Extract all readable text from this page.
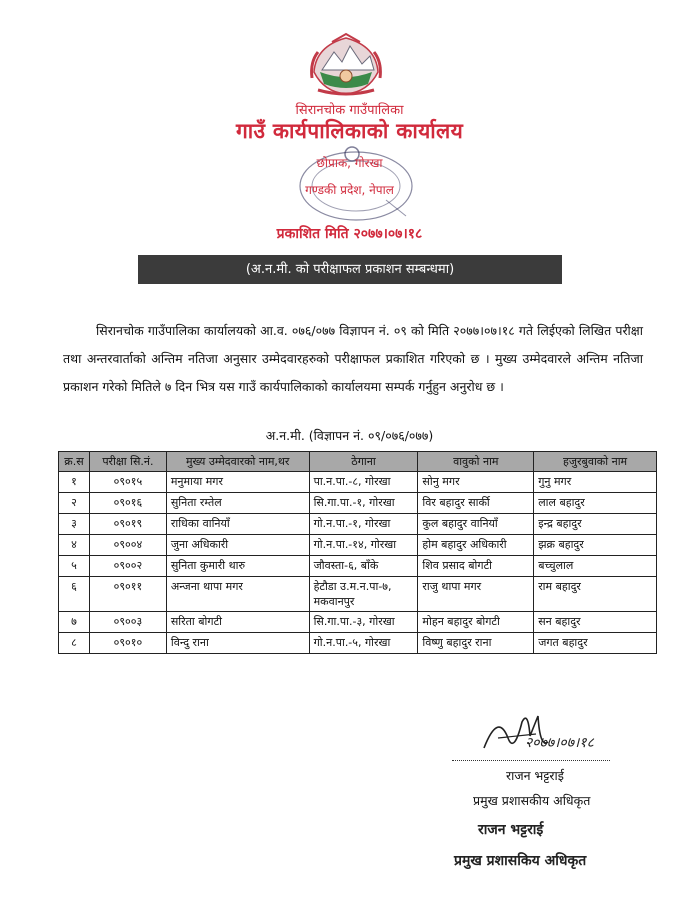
सिरानचोक गाउँपालिका
गाउँ कार्यपालिकाको कार्यालय
छोप्राक, गोरखा
गण्डकी प्रदेश, नेपाल
प्रकाशित मिति २०७७।०७।१८
(अ.न.मी. को परीक्षाफल प्रकाशन सम्बन्धमा)

सिरानचोक गाउँपालिका कार्यालयको आ.व. ०७६/०७७ विज्ञापन नं. ०९ को मिति २०७७।०७।१८ गते लिईएको लिखित परीक्षा तथा अन्तरवार्ताको अन्तिम नतिजा अनुसार उम्मेदवारहरुको परीक्षाफल प्रकाशित गरिएको छ । मुख्य उम्मेदवारले अन्तिम नतिजा प्रकाशन गरेको मितिले ७ दिन भित्र यस गाउँ कार्यपालिकाको कार्यालयमा सम्पर्क गर्नुहुन अनुरोध छ ।

अ.न.मी. (विज्ञापन नं. ०९/०७६/०७७)
क्र.स	परीक्षा सि.नं.	मुख्य उम्मेदवारको नाम,थर	ठेगाना	वावुको नाम	हजुरबुवाको नाम
१	०९०१५	मनुमाया मगर	पा.न.पा.-८, गोरखा	सोनु मगर	गुनु मगर
२	०९०१६	सुनिता रम्तेल	सि.गा.पा.-१, गोरखा	विर बहादुर सार्की	लाल बहादुर
३	०९०१९	राधिका वानियाँ	गो.न.पा.-१, गोरखा	कुल बहादुर वानियाँ	इन्द्र बहादुर
४	०९००४	जुना अधिकारी	गो.न.पा.-१४, गोरखा	होम बहादुर अधिकारी	झक्र बहादुर
५	०९००२	सुनिता कुमारी थारु	जौवस्ता-६, बाँके	शिव प्रसाद बोगटी	बच्चुलाल
६	०९०११	अन्जना थापा मगर	हेटौडा उ.म.न.पा-७, मकवानपुर	राजु थापा मगर	राम बहादुर
७	०९००३	सरिता बोगटी	सि.गा.पा.-३, गोरखा	मोहन बहादुर बोगटी	सन बहादुर
८	०९०१०	विन्दु राना	गो.न.पा.-५, गोरखा	विष्णु बहादुर राना	जगत बहादुर
२०७७।०७।१८
राजन भट्टराई
प्रमुख प्रशासकीय अधिकृत
राजन भट्टराई
प्रमुख प्रशासकिय अधिकृत
